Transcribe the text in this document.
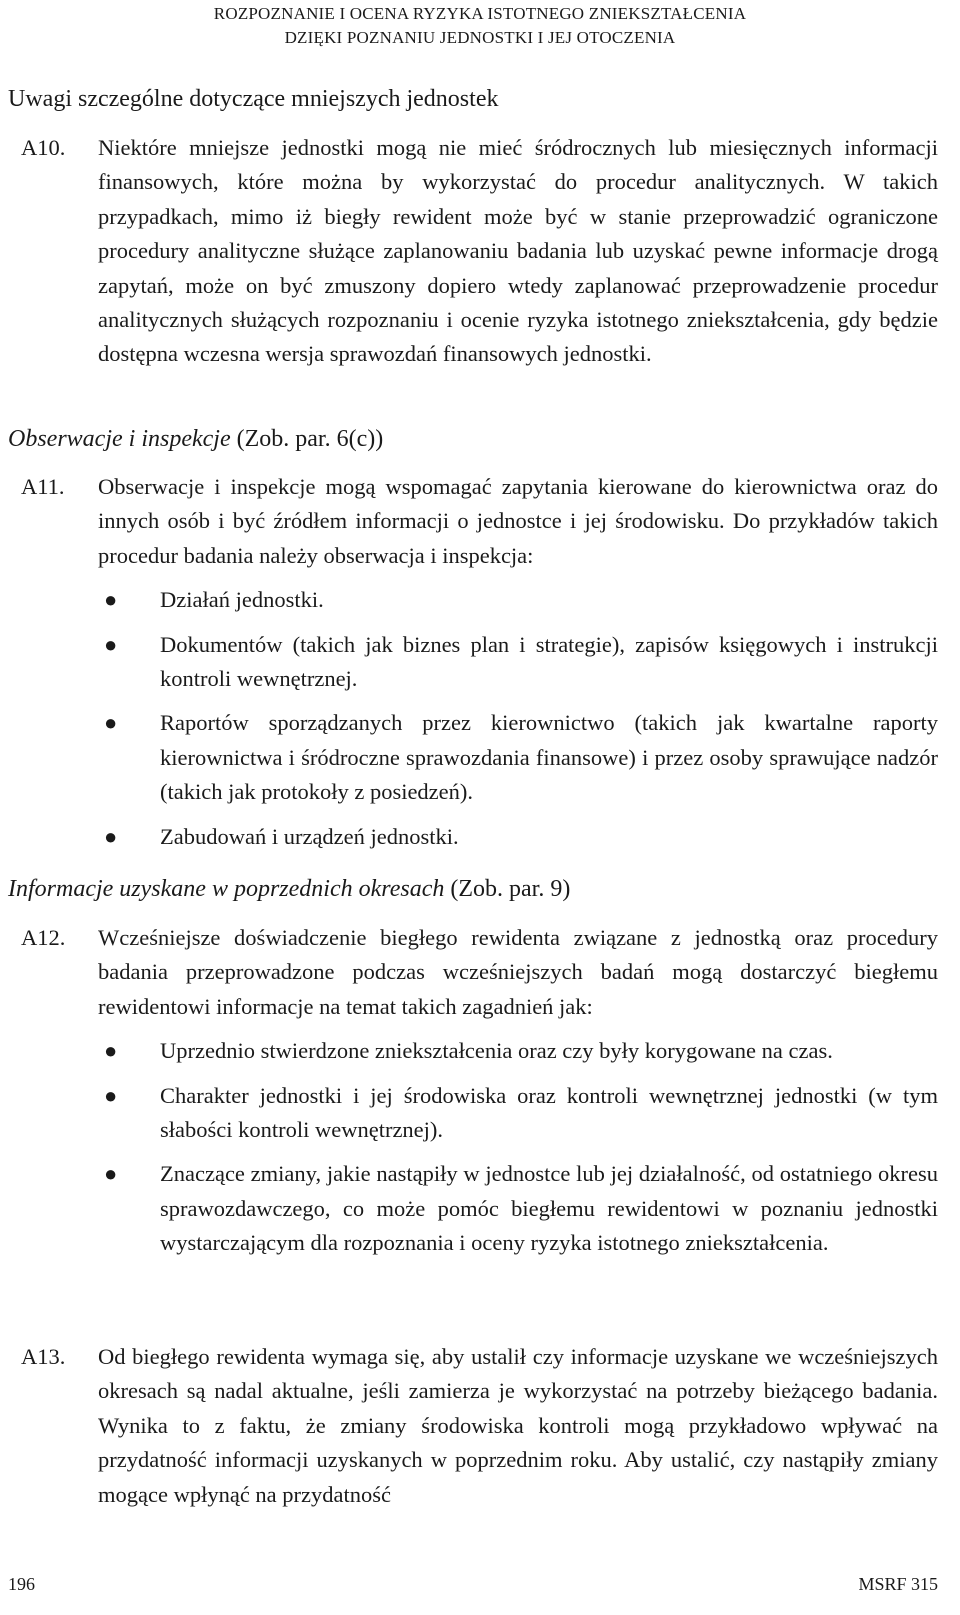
ROZPOZNANIE I OCENA RYZYKA ISTOTNEGO ZNIEKSZTAŁCENIA
DZIĘKI POZNANIU JEDNOSTKI I JEJ OTOCZENIA
Uwagi szczególne dotyczące mniejszych jednostek
A10. Niektóre mniejsze jednostki mogą nie mieć śródrocznych lub miesięcznych informacji finansowych, które można by wykorzystać do procedur analitycznych. W takich przypadkach, mimo iż biegły rewident może być w stanie przeprowadzić ograniczone procedury analityczne służące zaplanowaniu badania lub uzyskać pewne informacje drogą zapytań, może on być zmuszony dopiero wtedy zaplanować przeprowadzenie procedur analitycznych służących rozpoznaniu i ocenie ryzyka istotnego zniekształcenia, gdy będzie dostępna wczesna wersja sprawozdań finansowych jednostki.
Obserwacje i inspekcje (Zob. par. 6(c))
A11. Obserwacje i inspekcje mogą wspomagać zapytania kierowane do kierownictwa oraz do innych osób i być źródłem informacji o jednostce i jej środowisku. Do przykładów takich procedur badania należy obserwacja i inspekcja:
● Działań jednostki.
● Dokumentów (takich jak biznes plan i strategie), zapisów księgowych i instrukcji kontroli wewnętrznej.
● Raportów sporządzanych przez kierownictwo (takich jak kwartalne raporty kierownictwa i śródroczne sprawozdania finansowe) i przez osoby sprawujące nadzór (takich jak protokoły z posiedzeń).
● Zabudowań i urządzeń jednostki.
Informacje uzyskane w poprzednich okresach (Zob. par. 9)
A12. Wcześniejsze doświadczenie biegłego rewidenta związane z jednostką oraz procedury badania przeprowadzone podczas wcześniejszych badań mogą dostarczyć biegłemu rewidentowi informacje na temat takich zagadnień jak:
● Uprzednio stwierdzone zniekształcenia oraz czy były korygowane na czas.
● Charakter jednostki i jej środowiska oraz kontroli wewnętrznej jednostki (w tym słabości kontroli wewnętrznej).
● Znaczące zmiany, jakie nastąpiły w jednostce lub jej działalność, od ostatniego okresu sprawozdawczego, co może pomóc biegłemu rewidentowi w poznaniu jednostki wystarczającym dla rozpoznania i oceny ryzyka istotnego zniekształcenia.
A13. Od biegłego rewidenta wymaga się, aby ustalił czy informacje uzyskane we wcześniejszych okresach są nadal aktualne, jeśli zamierza je wykorzystać na potrzeby bieżącego badania. Wynika to z faktu, że zmiany środowiska kontroli mogą przykładowo wpływać na przydatność informacji uzyskanych w poprzednim roku. Aby ustalić, czy nastąpiły zmiany mogące wpłynąć na przydatność
196	MSRF 315
